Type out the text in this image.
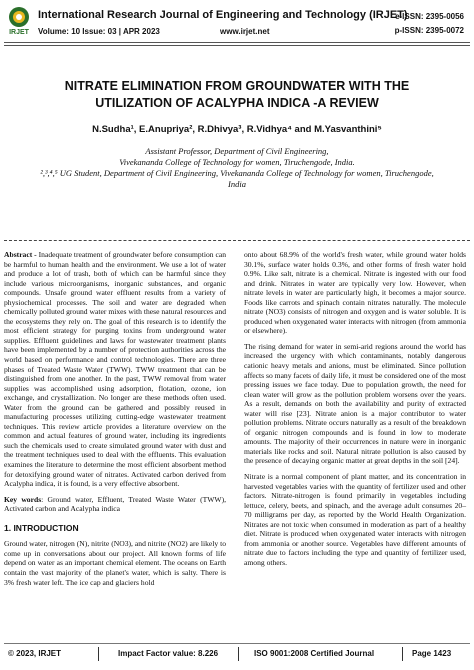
IRJET
International Research Journal of Engineering and Technology (IRJET)
Volume: 10 Issue: 03 | APR 2023	www.irjet.net
e-ISSN: 2395-0056
p-ISSN: 2395-0072
NITRATE ELIMINATION FROM GROUNDWATER WITH THE
UTILIZATION OF ACALYPHA INDICA -A REVIEW
N.Sudha¹, E.Anupriya², R.Dhivya³, R.Vidhya⁴ and M.Yasvanthini⁵
Assistant Professor, Department of Civil Engineering,
Vivekananda College of Technology for women, Tiruchengode, India.
²,³,⁴,⁵ UG Student, Department of Civil Engineering, Vivekananda College of Technology for women, Tiruchengode,
India

Abstract - Inadequate treatment of groundwater before consumption can be harmful to human health and the environment. We use a lot of water and produce a lot of trash, both of which can be harmful since they include various microorganisms, inorganic substances, and organic compounds. Unsafe ground water effluent results from a variety of physiochemical processes. The soil and water are degraded when chemically polluted ground water mixes with these natural resources and the ecosystems they rely on. The goal of this research is to identify the most efficient strategy for purging toxins from underground water supplies. Effluent guidelines and laws for wastewater treatment plants have been implemented by a number of protection authorities across the world based on performance and control technologies. There are three phases of Treated Waste Water (TWW). TWW treatment that can be distinguished from one another. In the past, TWW removal from water supplies was accomplished using adsorption, flotation, ozone, ion exchange, and crystallization. No longer are these methods often used. Water from the ground can be gathered and possibly reused in manufacturing processes utilizing cutting-edge wastewater treatment techniques. This review article provides a literature overview on the common and actual features of ground water, including its ingredients such the chemicals used to create simulated ground water with dust and the treatment techniques used to deal with the effluents. This evaluation examines the literature to determine the most efficient absorbent method for detoxifying ground water of nitrates. Activated carbon derived from Acalypha indica, it is found, is a very effective absorbent.

Key words: Ground water, Effluent, Treated Waste Water (TWW), Activated carbon and Acalypha indica

1. INTRODUCTION

Ground water, nitrogen (N), nitrite (NO3), and nitrite (NO2) are likely to come up in conversations about our project. All known forms of life depend on water as an important chemical element. The oceans on Earth contain the vast majority of the planet's water, which is salty. There is 3% fresh water left. The ice cap and glaciers hold

onto about 68.9% of the world's fresh water, while ground water holds 30.1%, surface water holds 0.3%, and other forms of fresh water hold 0.9%. Like salt, nitrate is a chemical. Nitrate is ingested with our food and drink. Nitrates in water are typically very low. However, when nitrate levels in water are particularly high, it becomes a major source. Foods like carrots and spinach contain nitrates naturally. The molecule nitrate (NO3) consists of nitrogen and oxygen and is water soluble. It is produced when oxygenated water interacts with nitrogen (from ammonia or elsewhere).

The rising demand for water in semi-arid regions around the world has increased the urgency with which contaminants, notably dangerous cationic heavy metals and anions, must be eliminated. Since pollution affects so many facets of daily life, it must be considered one of the most pressing issues we face today. Due to population growth, the need for clean water will grow as the pollution problem worsens over the years. As a result, demands on both the availability and purity of extracted water will rise [23]. Nitrate anion is a major contributor to water pollution problems. Nitrate occurs naturally as a result of the breakdown of organic nitrogen compounds and is found in low to moderate amounts. The majority of their occurrences in nature were in inorganic materials like rocks and soil. Natural nitrate pollution is also caused by the presence of decaying organic matter at great depths in the soil [24].

Nitrate is a normal component of plant matter, and its concentration in harvested vegetables varies with the quantity of fertilizer used and other factors. Nitrate-nitrogen is found primarily in vegetables including lettuce, celery, beets, and spinach, and the average adult consumes 20–70 milligrams per day, as reported by the World Health Organization. Nitrates are not toxic when consumed in moderation as part of a healthy diet. Nitrate is produced when oxygenated water interacts with nitrogen from ammonia or another source. Vegetables have different amounts of nitrate due to factors including the type and quantity of fertilizer used, among others.

© 2023, IRJET	Impact Factor value: 8.226	ISO 9001:2008 Certified Journal	Page 1423
